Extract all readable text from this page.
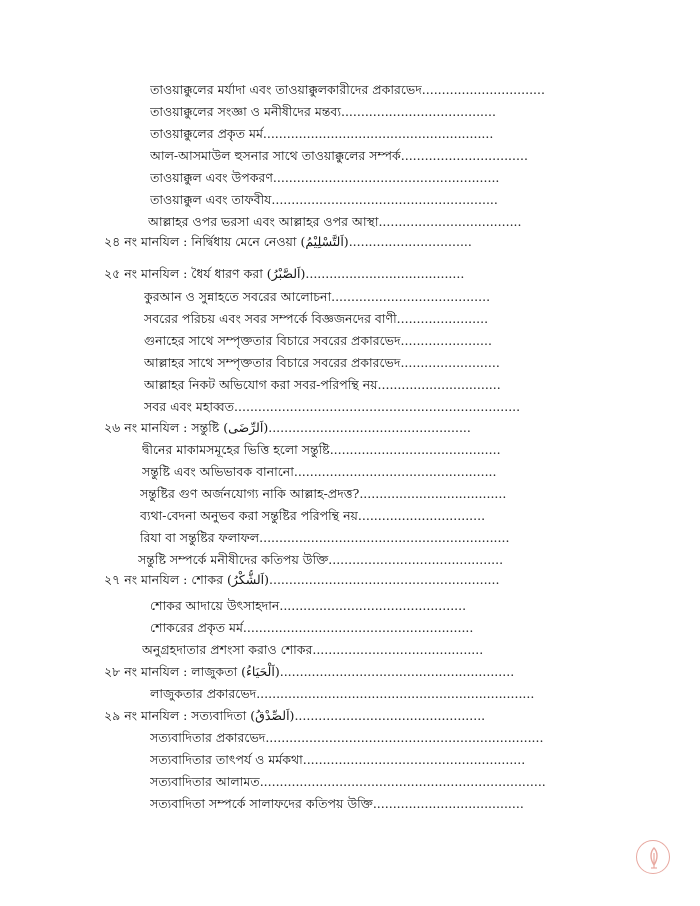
তাওয়াক্কুলের মর্যাদা এবং তাওয়াক্কুলকারীদের প্রকারভেদ...............................
তাওয়াক্কুলের সংজ্ঞা ও মনীষীদের মন্তব্য.......................................
তাওয়াক্কুলের প্রকৃত মর্ম..........................................................
আল-আসমাউল হুসনার সাথে তাওয়াক্কুলের সম্পর্ক................................
তাওয়াক্কুল এবং উপকরণ.........................................................
তাওয়াক্কুল এবং তাফবীয.........................................................
আল্লাহর ওপর ভরসা এবং আল্লাহর ওপর আস্থা....................................
২৪ নং মানযিল : নির্দ্বিধায় মেনে নেওয়া (اَلتَّسْلِيْمُ)...............................
২৫ নং মানযিল : ধৈর্য ধারণ করা (اَلصَّبْرُ)........................................
কুরআন ও সুন্নাহতে সবরের আলোচনা........................................
সবরের পরিচয় এবং সবর সম্পর্কে বিজ্ঞজনদের বাণী.......................
গুনাহের সাথে সম্পৃক্ততার বিচারে সবরের প্রকারভেদ.......................
আল্লাহর সাথে সম্পৃক্ততার বিচারে সবরের প্রকারভেদ.........................
আল্লাহর নিকট অভিযোগ করা সবর-পরিপন্থি নয়...............................
সবর এবং মহাব্বত........................................................................
২৬ নং মানযিল : সন্তুষ্টি (اَلرِّضَى)...................................................
দ্বীনের মাকামসমূহের ভিত্তি হলো সন্তুষ্টি...........................................
সন্তুষ্টি এবং অভিভাবক বানানো...................................................
সন্তুষ্টির গুণ অর্জনযোগ্য নাকি আল্লাহ-প্রদত্ত?.....................................
ব্যথা-বেদনা অনুভব করা সন্তুষ্টির পরিপন্থি নয়................................
রিযা বা সন্তুষ্টির ফলাফল...............................................................
সন্তুষ্টি সম্পর্কে মনীষীদের কতিপয় উক্তি............................................
২৭ নং মানযিল : শোকর (اَلشُّكْرُ)..........................................................
শোকর আদায়ে উৎসাহদান...............................................
শোকরের প্রকৃত মর্ম..........................................................
অনুগ্রহদাতার প্রশংসা করাও শোকর...........................................
২৮ নং মানযিল : লাজুকতা (اَلْحَيَاءُ)...........................................................
লাজুকতার প্রকারভেদ......................................................................
২৯ নং মানযিল : সত্যবাদিতা (اَلصِّدْقُ)................................................
সত্যবাদিতার প্রকারভেদ......................................................................
সত্যবাদিতার তাৎপর্য ও মর্মকথা........................................................
সত্যবাদিতার আলামত........................................................................
সত্যবাদিতা সম্পর্কে সালাফদের কতিপয় উক্তি......................................
